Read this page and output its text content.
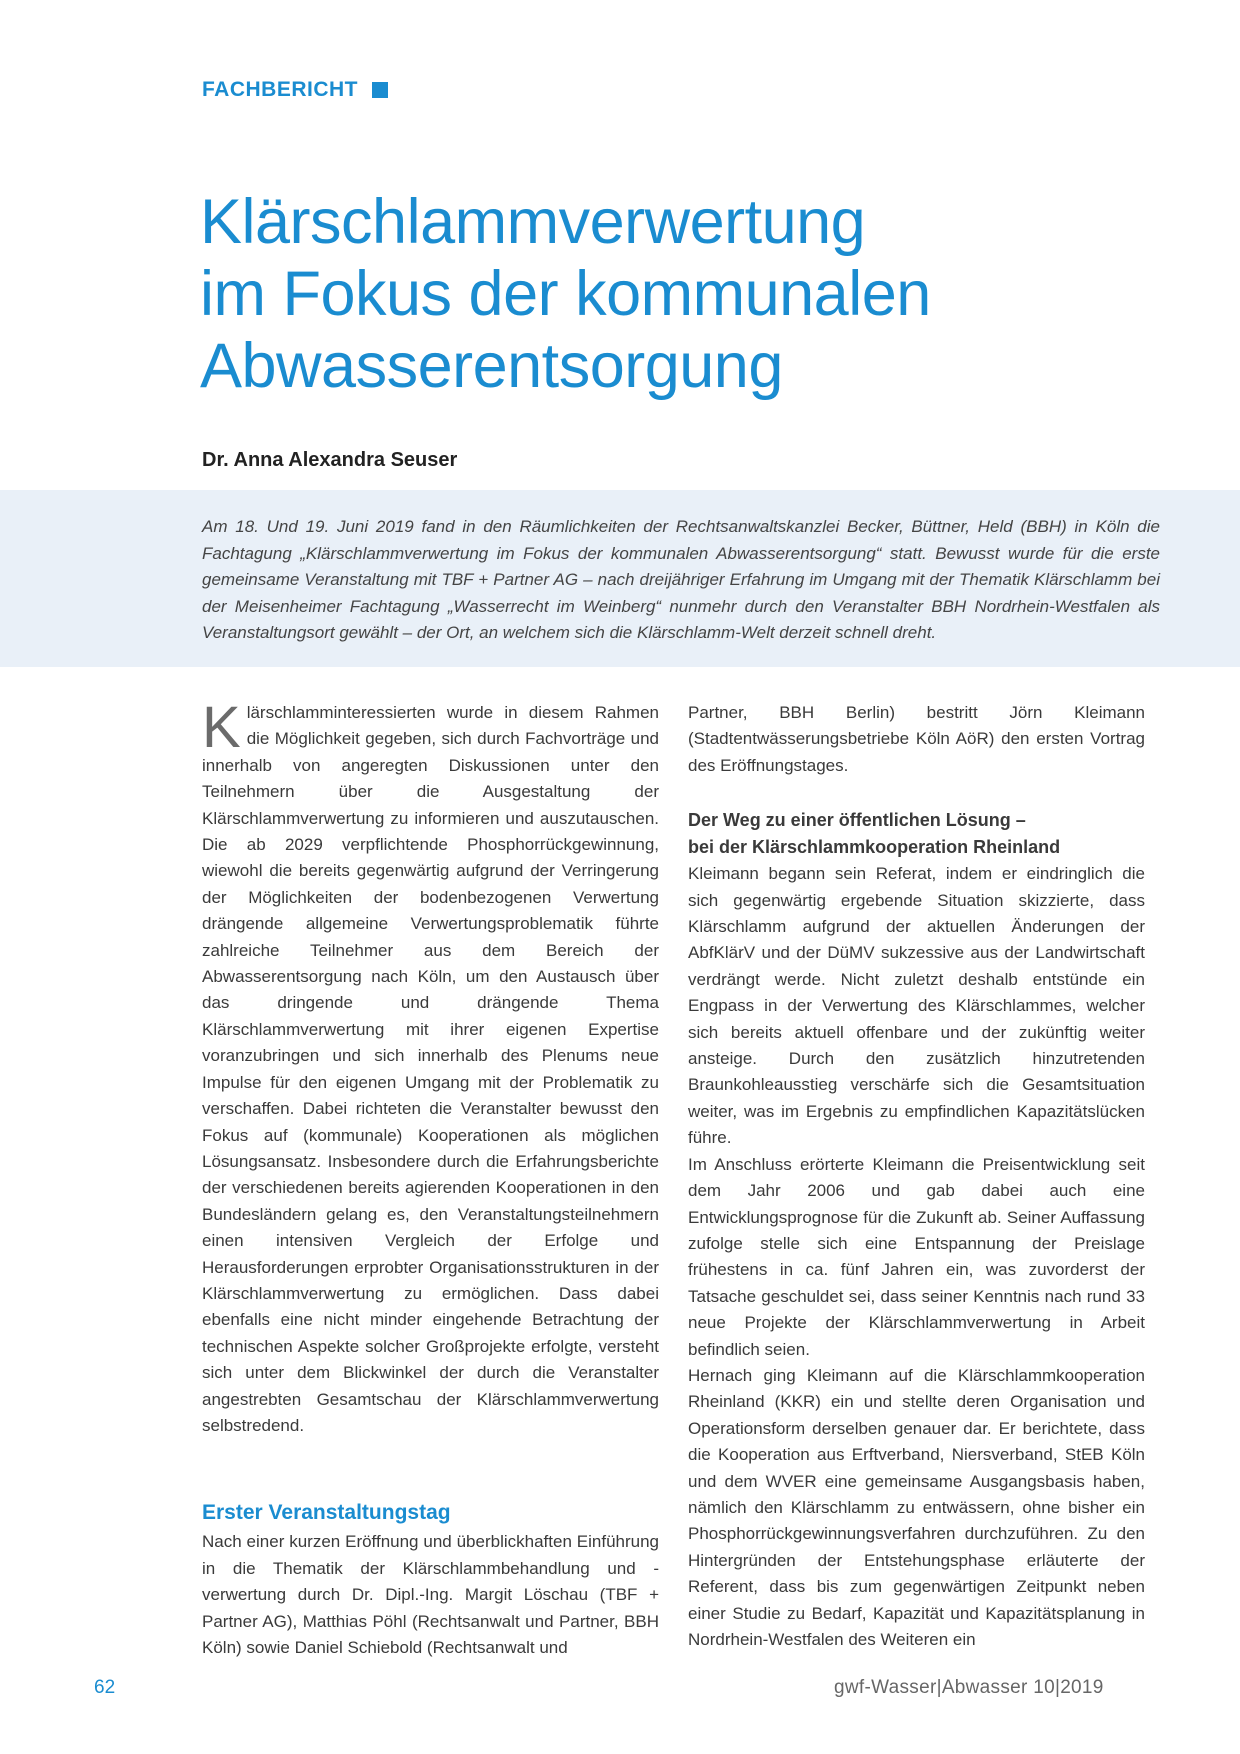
FACHBERICHT
Klärschlammverwertung
im Fokus der kommunalen
Abwasserentsorgung
Dr. Anna Alexandra Seuser

Am 18. Und 19. Juni 2019 fand in den Räumlichkeiten der Rechtsanwaltskanzlei Becker, Büttner, Held (BBH) in Köln die Fachtagung „Klärschlammverwertung im Fokus der kommunalen Abwasserentsorgung“ statt. Bewusst wurde für die erste gemeinsame Veranstaltung mit TBF + Partner AG – nach dreijähriger Erfahrung im Umgang mit der Thematik Klärschlamm bei der Meisenheimer Fachtagung „Wasserrecht im Weinberg“ nunmehr durch den Veranstalter BBH Nordrhein-Westfalen als Veranstaltungsort gewählt – der Ort, an welchem sich die Klärschlamm-Welt derzeit schnell dreht.

Klärschlamminteressierten wurde in diesem Rahmen die Möglichkeit gegeben, sich durch Fachvorträge und innerhalb von angeregten Diskussionen unter den Teilnehmern über die Ausgestaltung der Klärschlammverwertung zu informieren und auszutauschen. Die ab 2029 verpflichtende Phosphorrückgewinnung, wiewohl die bereits gegenwärtig aufgrund der Verringerung der Möglichkeiten der bodenbezogenen Verwertung drängende allgemeine Verwertungsproblematik führte zahlreiche Teilnehmer aus dem Bereich der Abwasserentsorgung nach Köln, um den Austausch über das dringende und drängende Thema Klärschlammverwertung mit ihrer eigenen Expertise voranzubringen und sich innerhalb des Plenums neue Impulse für den eigenen Umgang mit der Problematik zu verschaffen. Dabei richteten die Veranstalter bewusst den Fokus auf (kommunale) Kooperationen als möglichen Lösungsansatz. Insbesondere durch die Erfahrungsberichte der verschiedenen bereits agierenden Kooperationen in den Bundesländern gelang es, den Veranstaltungsteilnehmern einen intensiven Vergleich der Erfolge und Herausforderungen erprobter Organisationsstrukturen in der Klärschlammverwertung zu ermöglichen. Dass dabei ebenfalls eine nicht minder eingehende Betrachtung der technischen Aspekte solcher Großprojekte erfolgte, versteht sich unter dem Blickwinkel der durch die Veranstalter angestrebten Gesamtschau der Klärschlammverwertung selbstredend.

Erster Veranstaltungstag

Nach einer kurzen Eröffnung und überblickhaften Einführung in die Thematik der Klärschlammbehandlung und -verwertung durch Dr. Dipl.-Ing. Margit Löschau (TBF + Partner AG), Matthias Pöhl (Rechtsanwalt und Partner, BBH Köln) sowie Daniel Schiebold (Rechtsanwalt und

Partner, BBH Berlin) bestritt Jörn Kleimann (Stadtentwässerungsbetriebe Köln AöR) den ersten Vortrag des Eröffnungstages.

Der Weg zu einer öffentlichen Lösung –
bei der Klärschlammkooperation Rheinland

Kleimann begann sein Referat, indem er eindringlich die sich gegenwärtig ergebende Situation skizzierte, dass Klärschlamm aufgrund der aktuellen Änderungen der AbfKlärV und der DüMV sukzessive aus der Landwirtschaft verdrängt werde. Nicht zuletzt deshalb entstünde ein Engpass in der Verwertung des Klärschlammes, welcher sich bereits aktuell offenbare und der zukünftig weiter ansteige. Durch den zusätzlich hinzutretenden Braunkohleausstieg verschärfe sich die Gesamtsituation weiter, was im Ergebnis zu empfindlichen Kapazitätslücken führe.

Im Anschluss erörterte Kleimann die Preisentwicklung seit dem Jahr 2006 und gab dabei auch eine Entwicklungsprognose für die Zukunft ab. Seiner Auffassung zufolge stelle sich eine Entspannung der Preislage frühestens in ca. fünf Jahren ein, was zuvorderst der Tatsache geschuldet sei, dass seiner Kenntnis nach rund 33 neue Projekte der Klärschlammverwertung in Arbeit befindlich seien.

Hernach ging Kleimann auf die Klärschlammkooperation Rheinland (KKR) ein und stellte deren Organisation und Operationsform derselben genauer dar. Er berichtete, dass die Kooperation aus Erftverband, Niersverband, StEB Köln und dem WVER eine gemeinsame Ausgangsbasis haben, nämlich den Klärschlamm zu entwässern, ohne bisher ein Phosphorrückgewinnungsverfahren durchzuführen. Zu den Hintergründen der Entstehungsphase erläuterte der Referent, dass bis zum gegenwärtigen Zeitpunkt neben einer Studie zu Bedarf, Kapazität und Kapazitätsplanung in Nordrhein-Westfalen des Weiteren ein

62	gwf-Wasser|Abwasser 10|2019
